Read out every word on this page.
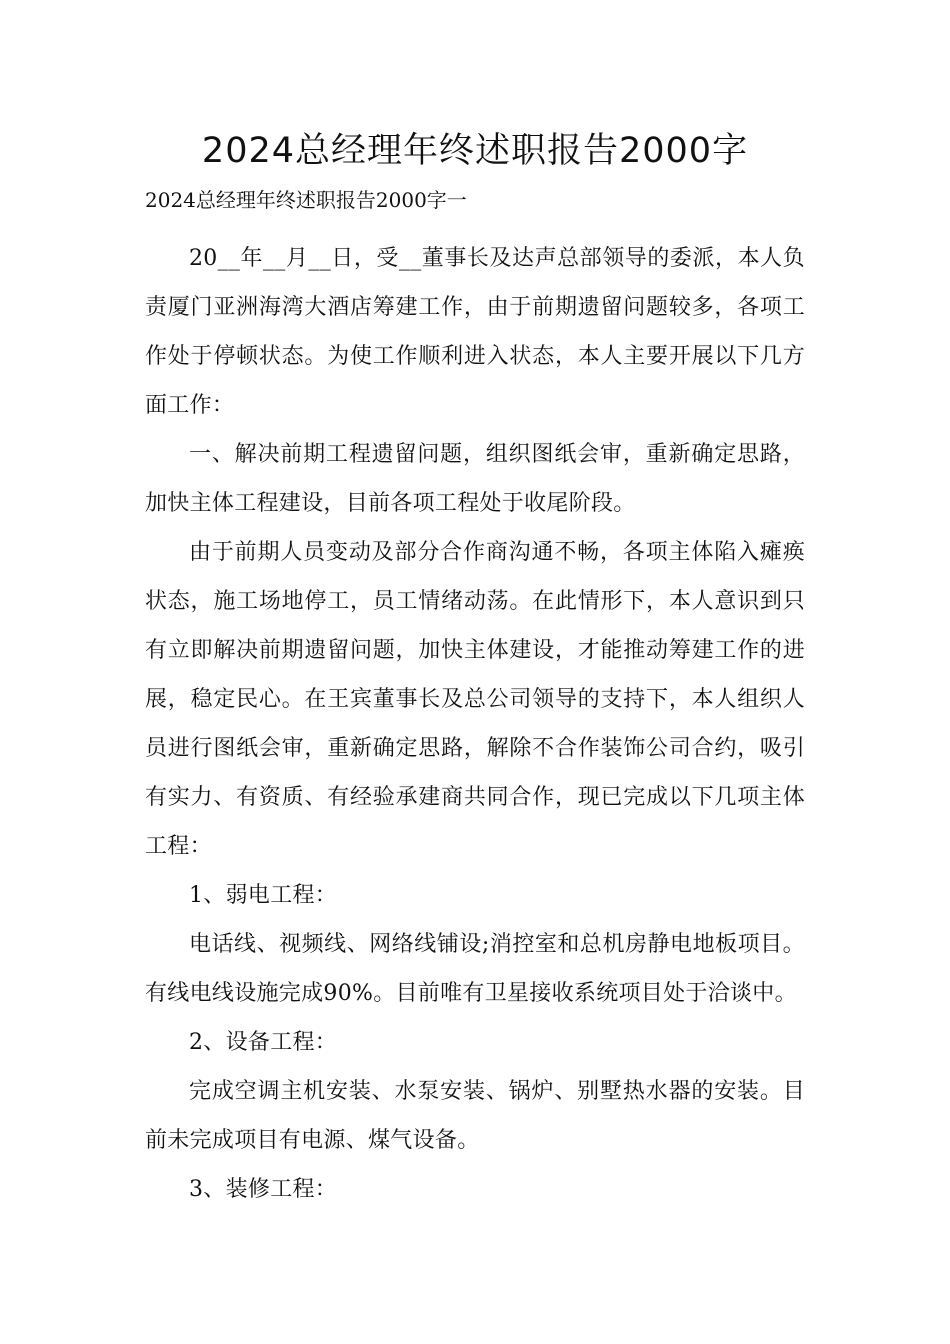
2024总经理年终述职报告2000字

2024总经理年终述职报告2000字一

20__年__月__日，受__董事长及达声总部领导的委派，本人负责厦门亚洲海湾大酒店筹建工作，由于前期遗留问题较多，各项工作处于停顿状态。为使工作顺利进入状态，本人主要开展以下几方面工作：

一、解决前期工程遗留问题，组织图纸会审，重新确定思路，加快主体工程建设，目前各项工程处于收尾阶段。

由于前期人员变动及部分合作商沟通不畅，各项主体陷入瘫痪状态，施工场地停工，员工情绪动荡。在此情形下，本人意识到只有立即解决前期遗留问题，加快主体建设，才能推动筹建工作的进展，稳定民心。在王宾董事长及总公司领导的支持下，本人组织人员进行图纸会审，重新确定思路，解除不合作装饰公司合约，吸引有实力、有资质、有经验承建商共同合作，现已完成以下几项主体工程：

1、弱电工程：

电话线、视频线、网络线铺设;消控室和总机房静电地板项目。有线电线设施完成90%。目前唯有卫星接收系统项目处于洽谈中。

2、设备工程：

完成空调主机安装、水泵安装、锅炉、别墅热水器的安装。目前未完成项目有电源、煤气设备。

3、装修工程：
